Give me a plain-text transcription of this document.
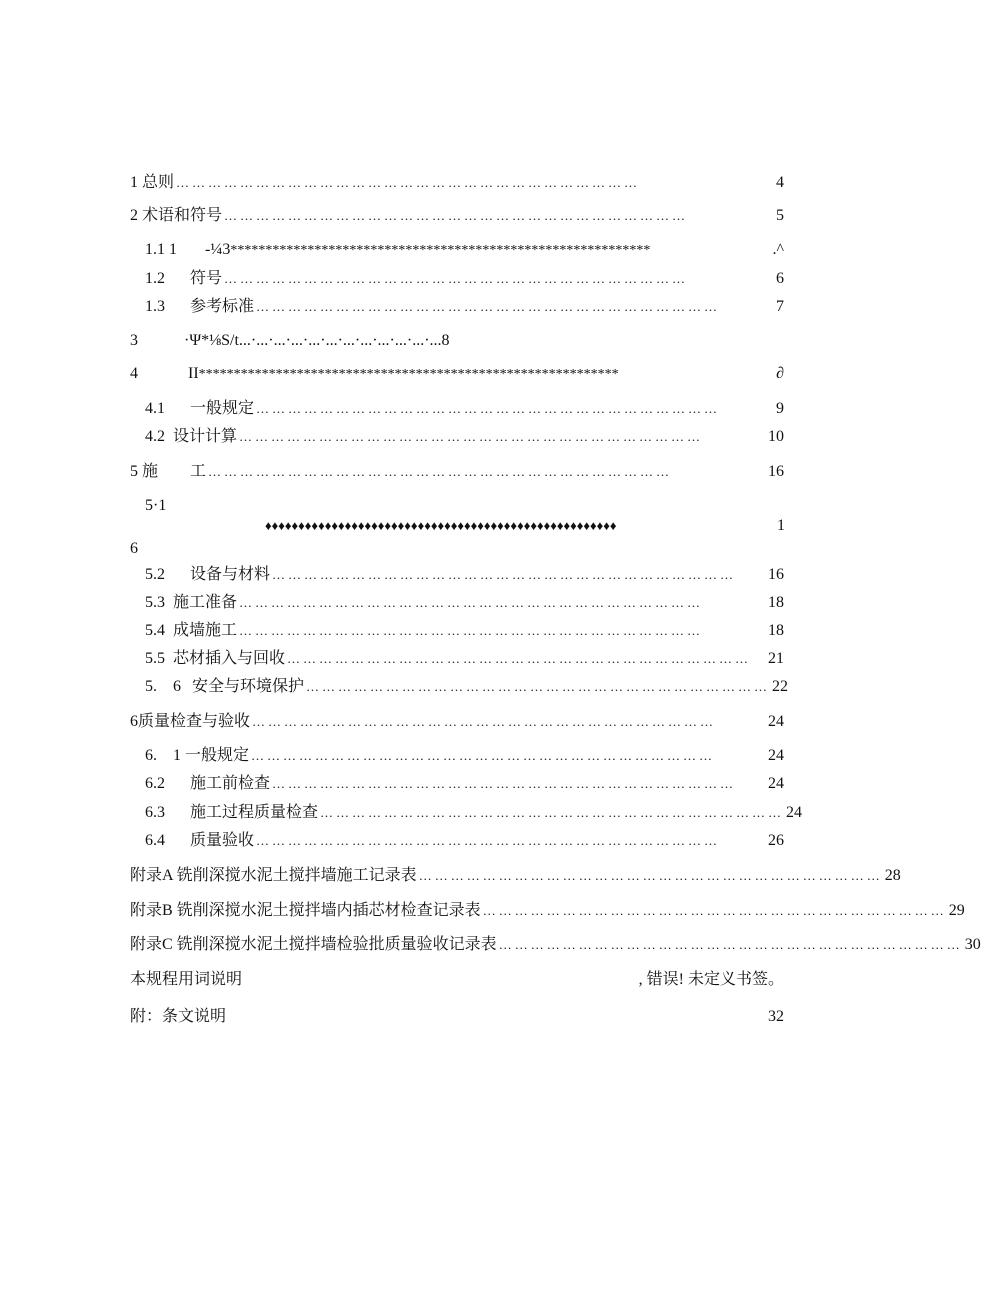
1 总则 ……………………………………………………………………………	4
2 术语和符号 ……………………………………………………………………………	5
1.1 1	-¼3 ************************************************************	.^
1.2	符号 ……………………………………………………………………………	6
1.3	参考标准 ……………………………………………………………………………	7
3	·Ψ*⅛S/t...·...·...·...·...·...·...·...·...·...·...·...8
4	II ************************************************************	∂
4.1	一般规定 ……………………………………………………………………………	9
4.2 设计计算 ……………………………………………………………………………	10
5 施　　工 ……………………………………………………………………………	16
5·1
♦♦♦♦♦♦♦♦♦♦♦♦♦♦♦♦♦♦♦♦♦♦♦♦♦♦♦♦♦♦♦♦♦♦♦♦♦♦♦♦♦♦♦♦♦♦♦♦♦♦♦♦♦	1
6
5.2	设备与材料 ……………………………………………………………………………	16
5.3 施工准备 ……………………………………………………………………………	18
5.4 成墙施工 ……………………………………………………………………………	18
5.5 芯材插入与回收 ……………………………………………………………………………	21
5.　6 安全与环境保护 …………………………………………………………………………… 22
6 质量检查与验收 ……………………………………………………………………………	24
6.　1 一般规定 ……………………………………………………………………………	24
6.2	施工前检查 ……………………………………………………………………………	24
6.3	施工过程质量检查 …………………………………………………………………………… 24
6.4	质量验收 ……………………………………………………………………………	26
附录A 铣削深搅水泥土搅拌墙施工记录表 …………………………………………………………………………… 28
附录B 铣削深搅水泥土搅拌墙内插芯材检查记录表 …………………………………………………………………………… 29
附录C 铣削深搅水泥土搅拌墙检验批质量验收记录表 …………………………………………………………………………… 30
本规程用词说明	, 错误! 未定义书签。
附：条文说明	32
